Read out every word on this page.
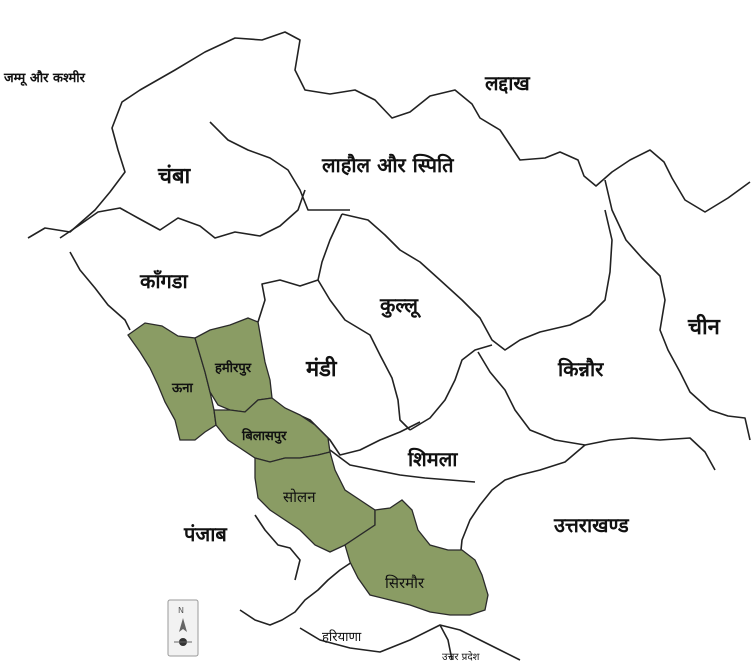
चंबा	लाहौल और स्पिति
काँगडा
कुल्लू
मंडी	किन्नौर
शिमला
ऊना
हमीरपुर
बिलासपुर
सोलन
सिरमौर
जम्मू और कश्मीर	लद्दाख
चीन
पंजाब	उत्तराखण्ड
हरियाणा
उत्तर प्रदेश
N
